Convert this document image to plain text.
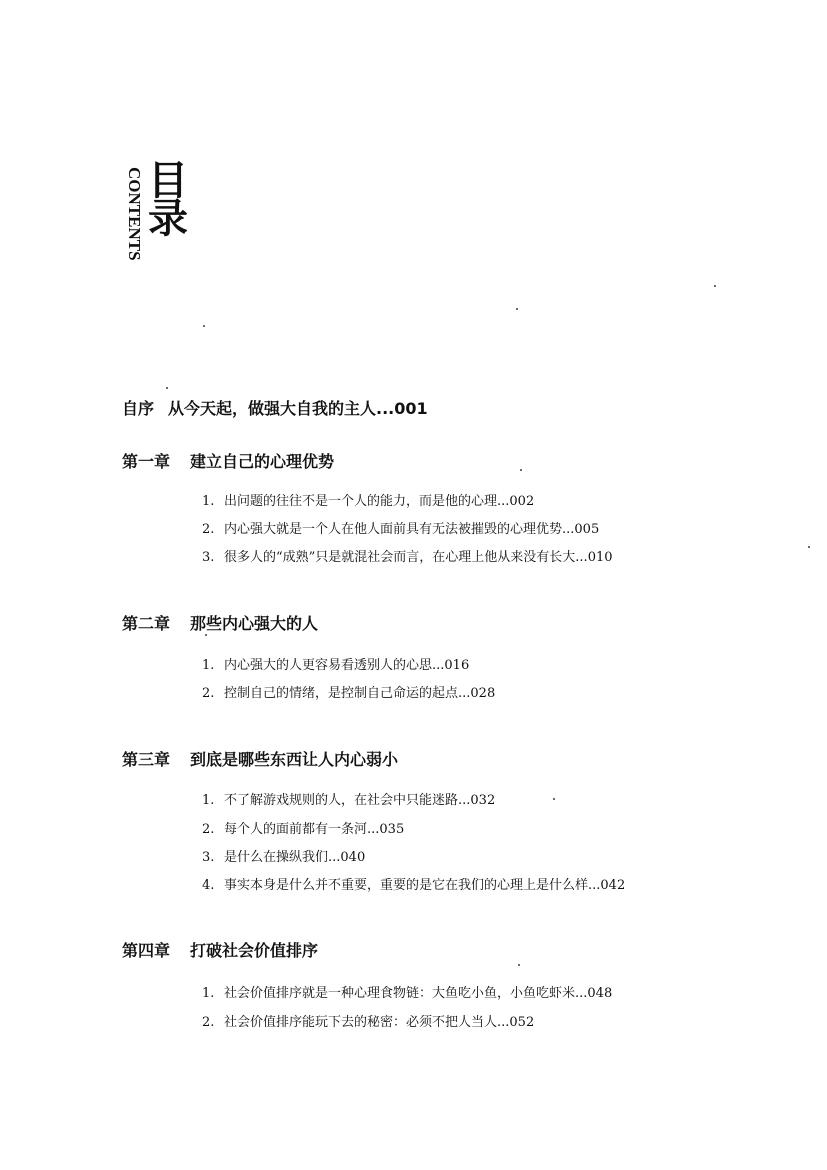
CONTENTS 目
录
自序 从今天起，做强大自我的主人...001
第一章 建立自己的心理优势
1. 出问题的往往不是一个人的能力，而是他的心理...002
2. 内心强大就是一个人在他人面前具有无法被摧毁的心理优势...005
3. 很多人的“成熟”只是就混社会而言，在心理上他从来没有长大...010
第二章 那些内心强大的人
1. 内心强大的人更容易看透别人的心思...016
2. 控制自己的情绪，是控制自己命运的起点...028
第三章 到底是哪些东西让人内心弱小
1. 不了解游戏规则的人，在社会中只能迷路...032
2. 每个人的面前都有一条河...035
3. 是什么在操纵我们...040
4. 事实本身是什么并不重要，重要的是它在我们的心理上是什么样...042
第四章 打破社会价值排序
1. 社会价值排序就是一种心理食物链：大鱼吃小鱼，小鱼吃虾米...048
2. 社会价值排序能玩下去的秘密：必须不把人当人...052
